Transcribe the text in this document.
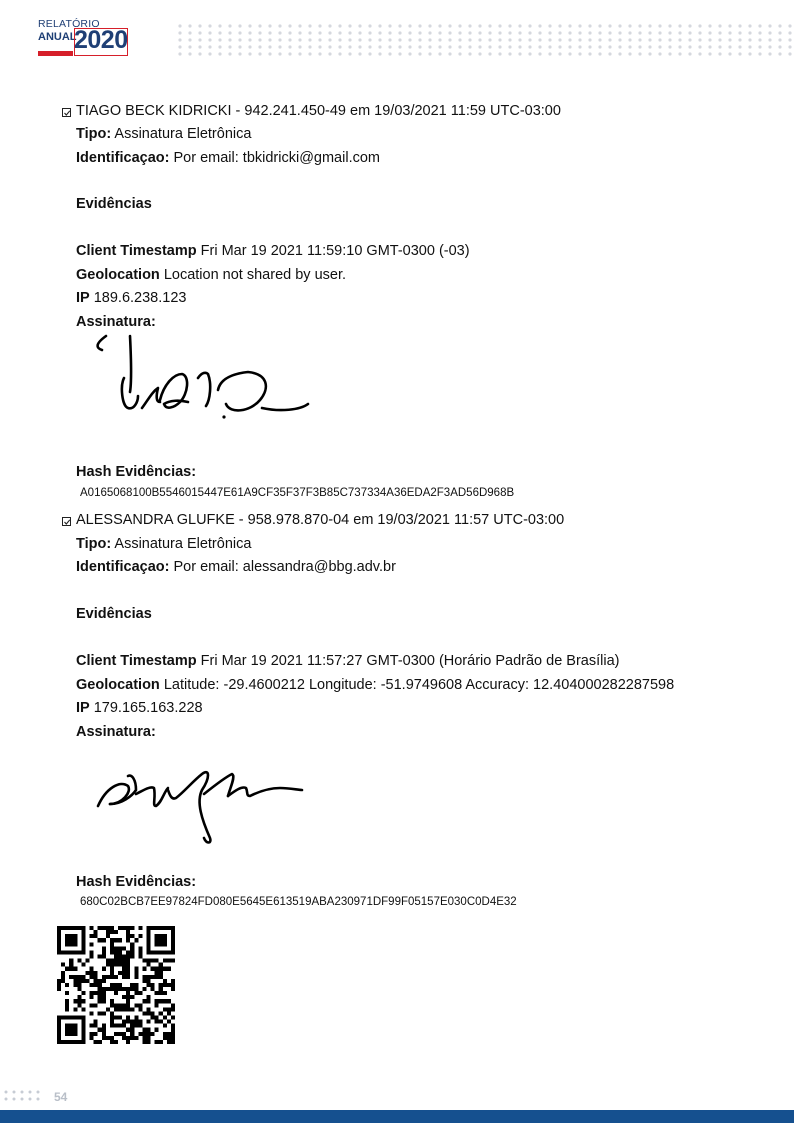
RELATÓRIO
ANUAL
2020
TIAGO BECK KIDRICKI - 942.241.450-49 em 19/03/2021 11:59 UTC-03:00
Tipo: Assinatura Eletrônica
Identificaçao: Por email: tbkidricki@gmail.com
Evidências
Client Timestamp Fri Mar 19 2021 11:59:10 GMT-0300 (-03)
Geolocation Location not shared by user.
IP 189.6.238.123
Assinatura:
Hash Evidências:
A0165068100B5546015447E61A9CF35F37F3B85C737334A36EDA2F3AD56D968B
ALESSANDRA GLUFKE - 958.978.870-04 em 19/03/2021 11:57 UTC-03:00
Tipo: Assinatura Eletrônica
Identificaçao: Por email: alessandra@bbg.adv.br
Evidências
Client Timestamp Fri Mar 19 2021 11:57:27 GMT-0300 (Horário Padrão de Brasília)
Geolocation Latitude: -29.4600212 Longitude: -51.9749608 Accuracy: 12.404000282287598
IP 179.165.163.228
Assinatura:
Hash Evidências:
680C02BCB7EE97824FD080E5645E613519ABA230971DF99F05157E030C0D4E32
54
